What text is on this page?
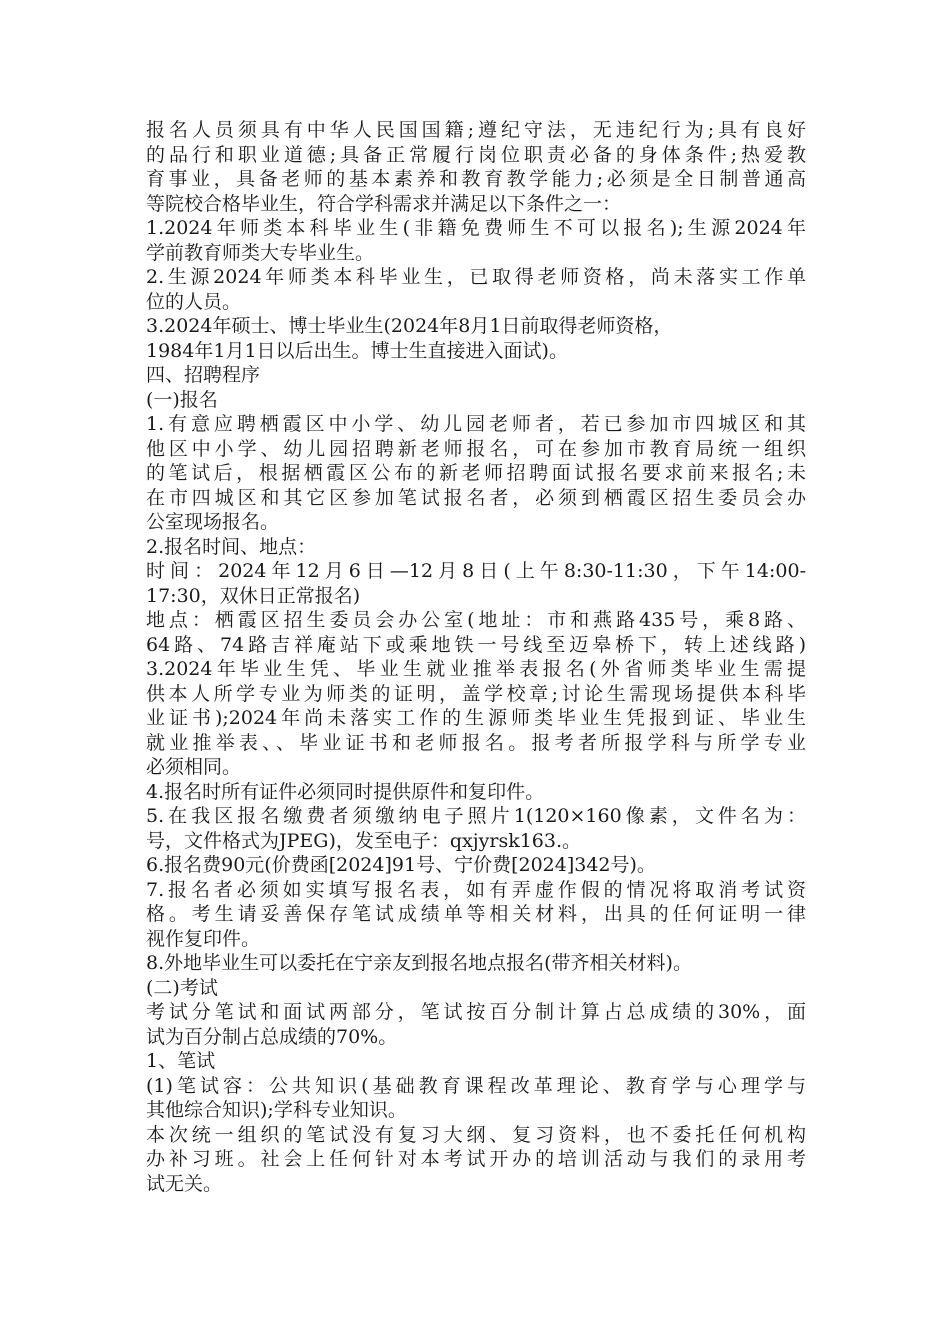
报名人员须具有中华人民国国籍;遵纪守法，无违纪行为;具有良好
的品行和职业道德;具备正常履行岗位职责必备的身体条件;热爱教
育事业，具备老师的基本素养和教育教学能力;必须是全日制普通高
等院校合格毕业生，符合学科需求并满足以下条件之一：
1.2024年师类本科毕业生(非籍免费师生不可以报名);生源2024年
学前教育师类大专毕业生。
2.生源2024年师类本科毕业生，已取得老师资格，尚未落实工作单
位的人员。
3.2024年硕士、博士毕业生(2024年8月1日前取得老师资格，
1984年1月1日以后出生。博士生直接进入面试)。
四、招聘程序
(一)报名
1.有意应聘栖霞区中小学、幼儿园老师者，若已参加市四城区和其
他区中小学、幼儿园招聘新老师报名，可在参加市教育局统一组织
的笔试后，根据栖霞区公布的新老师招聘面试报名要求前来报名;未
在市四城区和其它区参加笔试报名者，必须到栖霞区招生委员会办
公室现场报名。
2.报名时间、地点：
时间：2024年12月6日—12月8日(上午8:30-11:30，下午14:00-
17:30，双休日正常报名)
地点：栖霞区招生委员会办公室(地址：市和燕路435号，乘8路、
64路、74路吉祥庵站下或乘地铁一号线至迈皋桥下，转上述线路)
3.2024年毕业生凭、毕业生就业推举表报名(外省师类毕业生需提
供本人所学专业为师类的证明，盖学校章;讨论生需现场提供本科毕
业证书);2024年尚未落实工作的生源师类毕业生凭报到证、毕业生
就业推举表、、毕业证书和老师报名。报考者所报学科与所学专业
必须相同。
4.报名时所有证件必须同时提供原件和复印件。
5.在我区报名缴费者须缴纳电子照片1(120×160像素，文件名为：
号，文件格式为JPEG)，发至电子：qxjyrsk163.。
6.报名费90元(价费函[2024]91号、宁价费[2024]342号)。
7.报名者必须如实填写报名表，如有弄虚作假的情况将取消考试资
格。考生请妥善保存笔试成绩单等相关材料，出具的任何证明一律
视作复印件。
8.外地毕业生可以委托在宁亲友到报名地点报名(带齐相关材料)。
(二)考试
考试分笔试和面试两部分，笔试按百分制计算占总成绩的30%，面
试为百分制占总成绩的70%。
1、笔试
(1)笔试容：公共知识(基础教育课程改革理论、教育学与心理学与
其他综合知识);学科专业知识。
本次统一组织的笔试没有复习大纲、复习资料，也不委托任何机构
办补习班。社会上任何针对本考试开办的培训活动与我们的录用考
试无关。
